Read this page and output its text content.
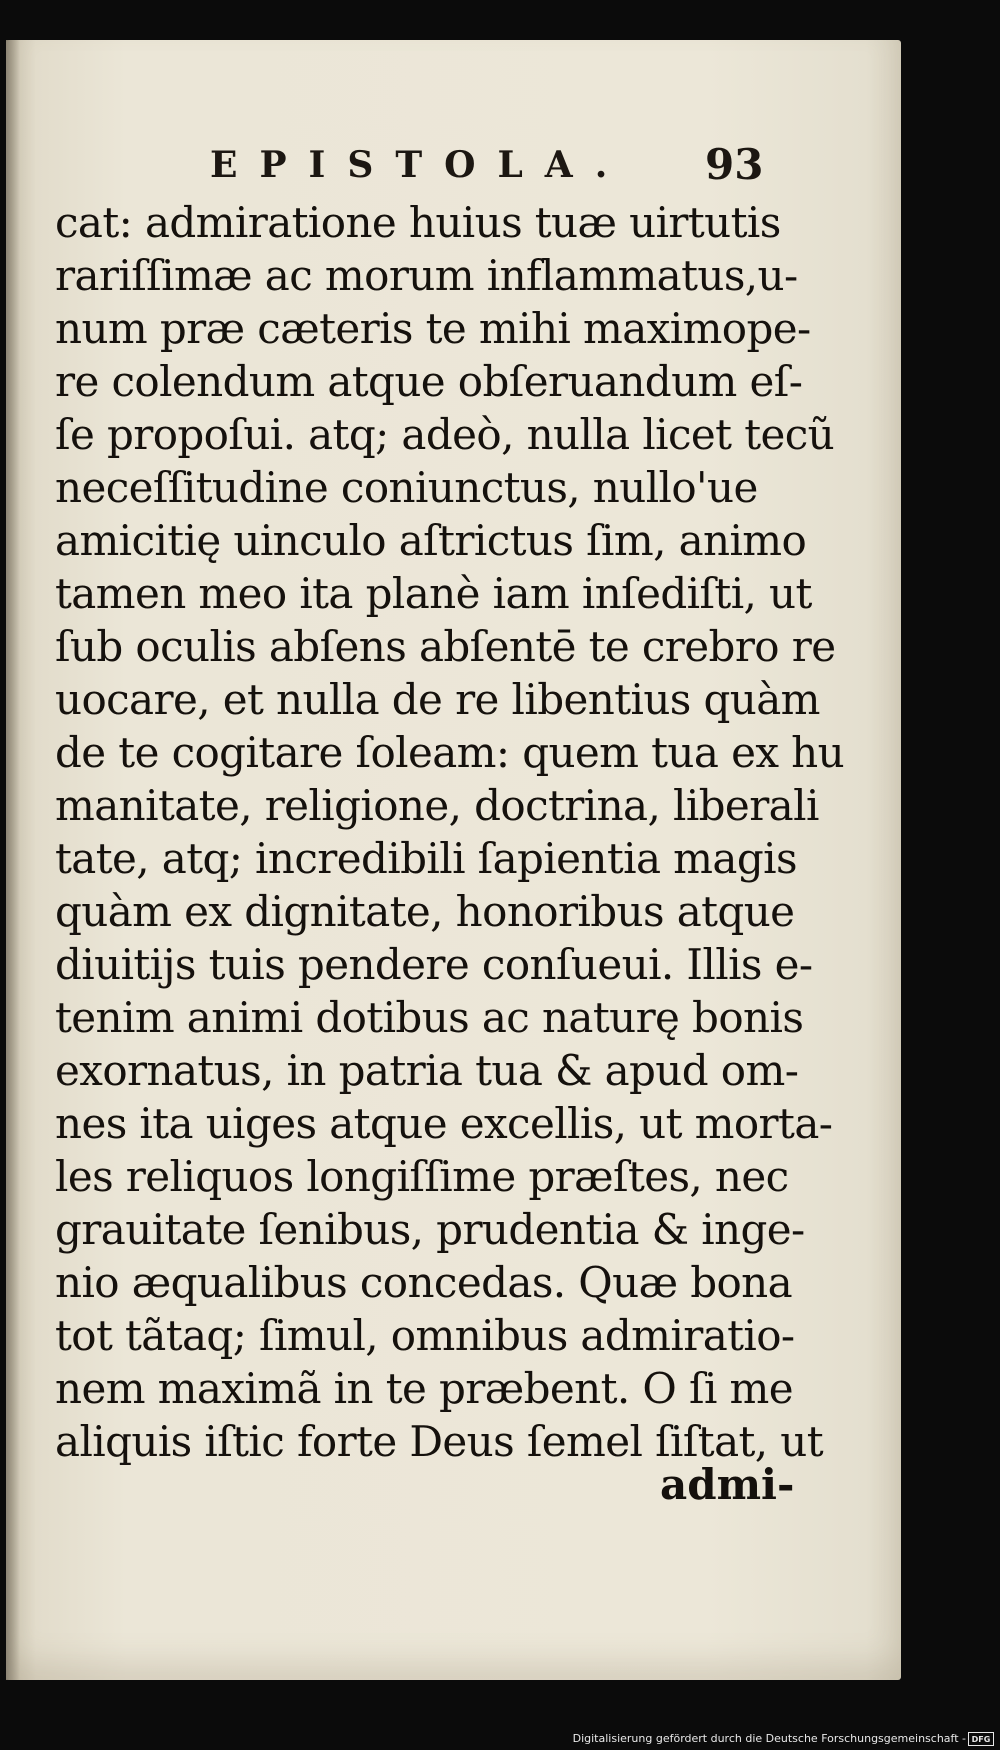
EPISTOLA. 93
cat: admiratione huius tuæ uirtutis
rariſſimæ ac morum inflammatus,u-
num præ cæteris te mihi maximope-
re colendum atque obſeruandum eſ-
ſe propoſui. atq; adeò, nulla licet tecũ
neceſſitudine coniunctus, nullo'ue
amicitię uinculo aſtrictus ſim, animo
tamen meo ita planè iam inſediſti, ut
ſub oculis abſens abſentē te crebro re
uocare, et nulla de re libentius quàm
de te cogitare ſoleam: quem tua ex hu
manitate, religione, doctrina, liberali
tate, atq; incredibili ſapientia magis
quàm ex dignitate, honoribus atque
diuitijs tuis pendere conſueui. Illis e-
tenim animi dotibus ac naturę bonis
exornatus, in patria tua & apud om-
nes ita uiges atque excellis, ut morta-
les reliquos longiſſime præſtes, nec
grauitate ſenibus, prudentia & inge-
nio æqualibus concedas. Quæ bona
tot tãtaq; ſimul, omnibus admiratio-
nem maximã in te præbent. O ſi me
aliquis iſtic forte Deus ſemel ſiſtat, ut
admi-
Digitalisierung gefördert durch die Deutsche Forschungsgemeinschaft - DFG
